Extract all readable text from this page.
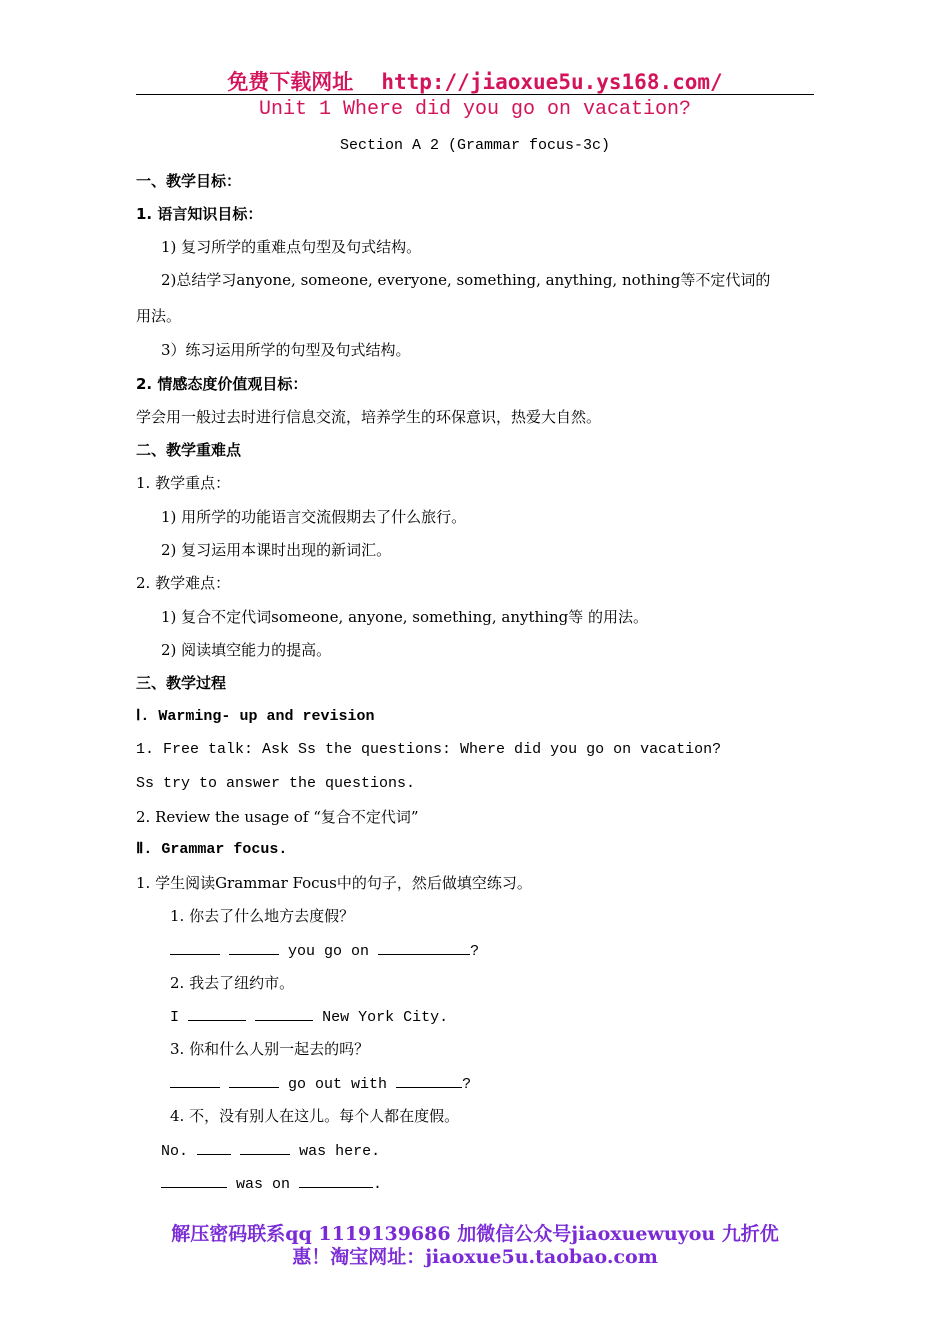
免费下载网址 http://jiaoxue5u.ys168.com/
Unit 1 Where did you go on vacation?
Section A 2 (Grammar focus-3c)
一、教学目标：
1. 语言知识目标：
1) 复习所学的重难点句型及句式结构。
2)总结学习anyone, someone, everyone, something, anything, nothing等不定代词的
用法。
3）练习运用所学的句型及句式结构。
2. 情感态度价值观目标：
学会用一般过去时进行信息交流，培养学生的环保意识，热爱大自然。
二、教学重难点
1. 教学重点：
1) 用所学的功能语言交流假期去了什么旅行。
2) 复习运用本课时出现的新词汇。
2. 教学难点：
1) 复合不定代词someone, anyone, something, anything等 的用法。
2) 阅读填空能力的提高。
三、教学过程
Ⅰ. Warming- up and revision
1. Free talk: Ask Ss the questions: Where did you go on vacation?
Ss try to answer the questions.
2. Review the usage of “复合不定代词”
Ⅱ. Grammar focus.
1. 学生阅读Grammar Focus中的句子，然后做填空练习。
1. 你去了什么地方去度假？
you go on	?
2. 我去了纽约市。
I	New York City.
3. 你和什么人别一起去的吗？
go out with	?
4. 不，没有别人在这儿。每个人都在度假。
No.	was here.
was on	.
解压密码联系qq 1119139686 加微信公众号jiaoxuewuyou 九折优
惠！淘宝网址：jiaoxue5u.taobao.com
